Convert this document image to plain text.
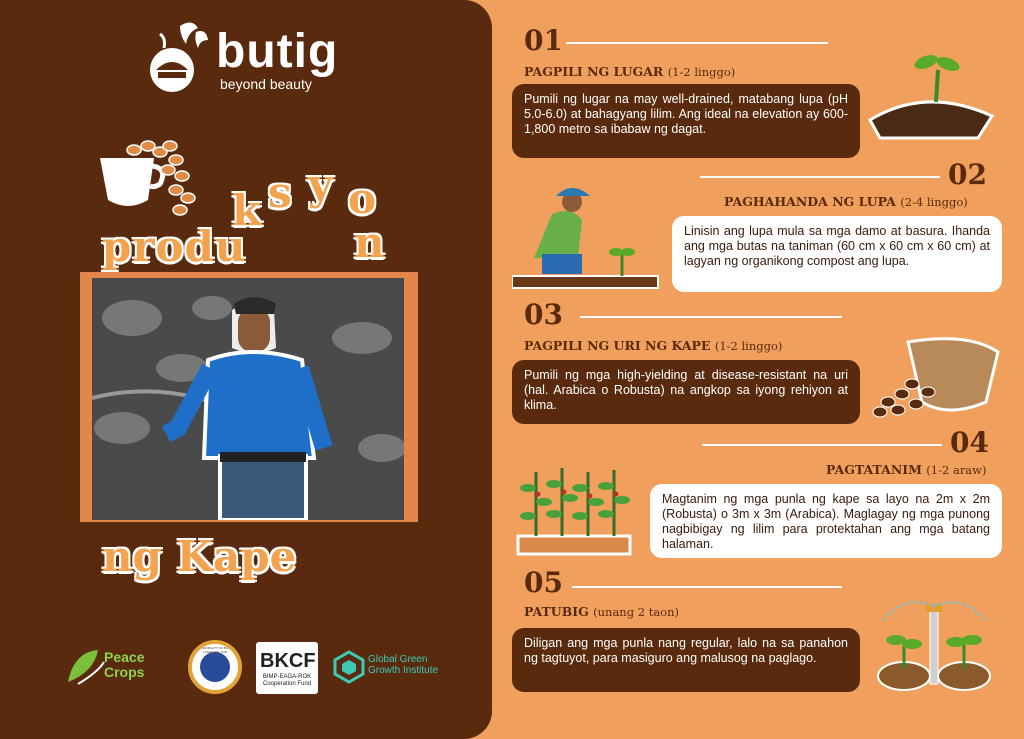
butig
beyond beauty
produ
k s y o
n
ng Kape
Peace Crops
MUNICIPALITY OF BUTIG LANAO DEL SUR	BKCF
BIMP-EAGA-ROK Cooperation Fund
Global Green Growth Institute
01
PAGPILI NG LUGAR (1-2 linggo)
Pumili ng lugar na may well-drained, matabang lupa (pH 5.0-6.0) at bahagyang lilim. Ang ideal na elevation ay 600-1,800 metro sa ibabaw ng dagat.
02
PAGHAHANDA NG LUPA (2-4 linggo)
Linisin ang lupa mula sa mga damo at basura. Ihanda ang mga butas na taniman (60 cm x 60 cm x 60 cm) at lagyan ng organikong compost ang lupa.
03
PAGPILI NG URI NG KAPE (1-2 linggo)
Pumili ng mga high-yielding at disease-resistant na uri (hal. Arabica o Robusta) na angkop sa iyong rehiyon at klima.
04
PAGTATANIM (1-2 araw)
Magtanim ng mga punla ng kape sa layo na 2m x 2m (Robusta) o 3m x 3m (Arabica). Maglagay ng mga punong nagbibigay ng lilim para protektahan ang mga batang halaman.
05
PATUBIG (unang 2 taon)
Diligan ang mga punla nang regular, lalo na sa panahon ng tagtuyot, para masiguro ang malusog na paglago.
